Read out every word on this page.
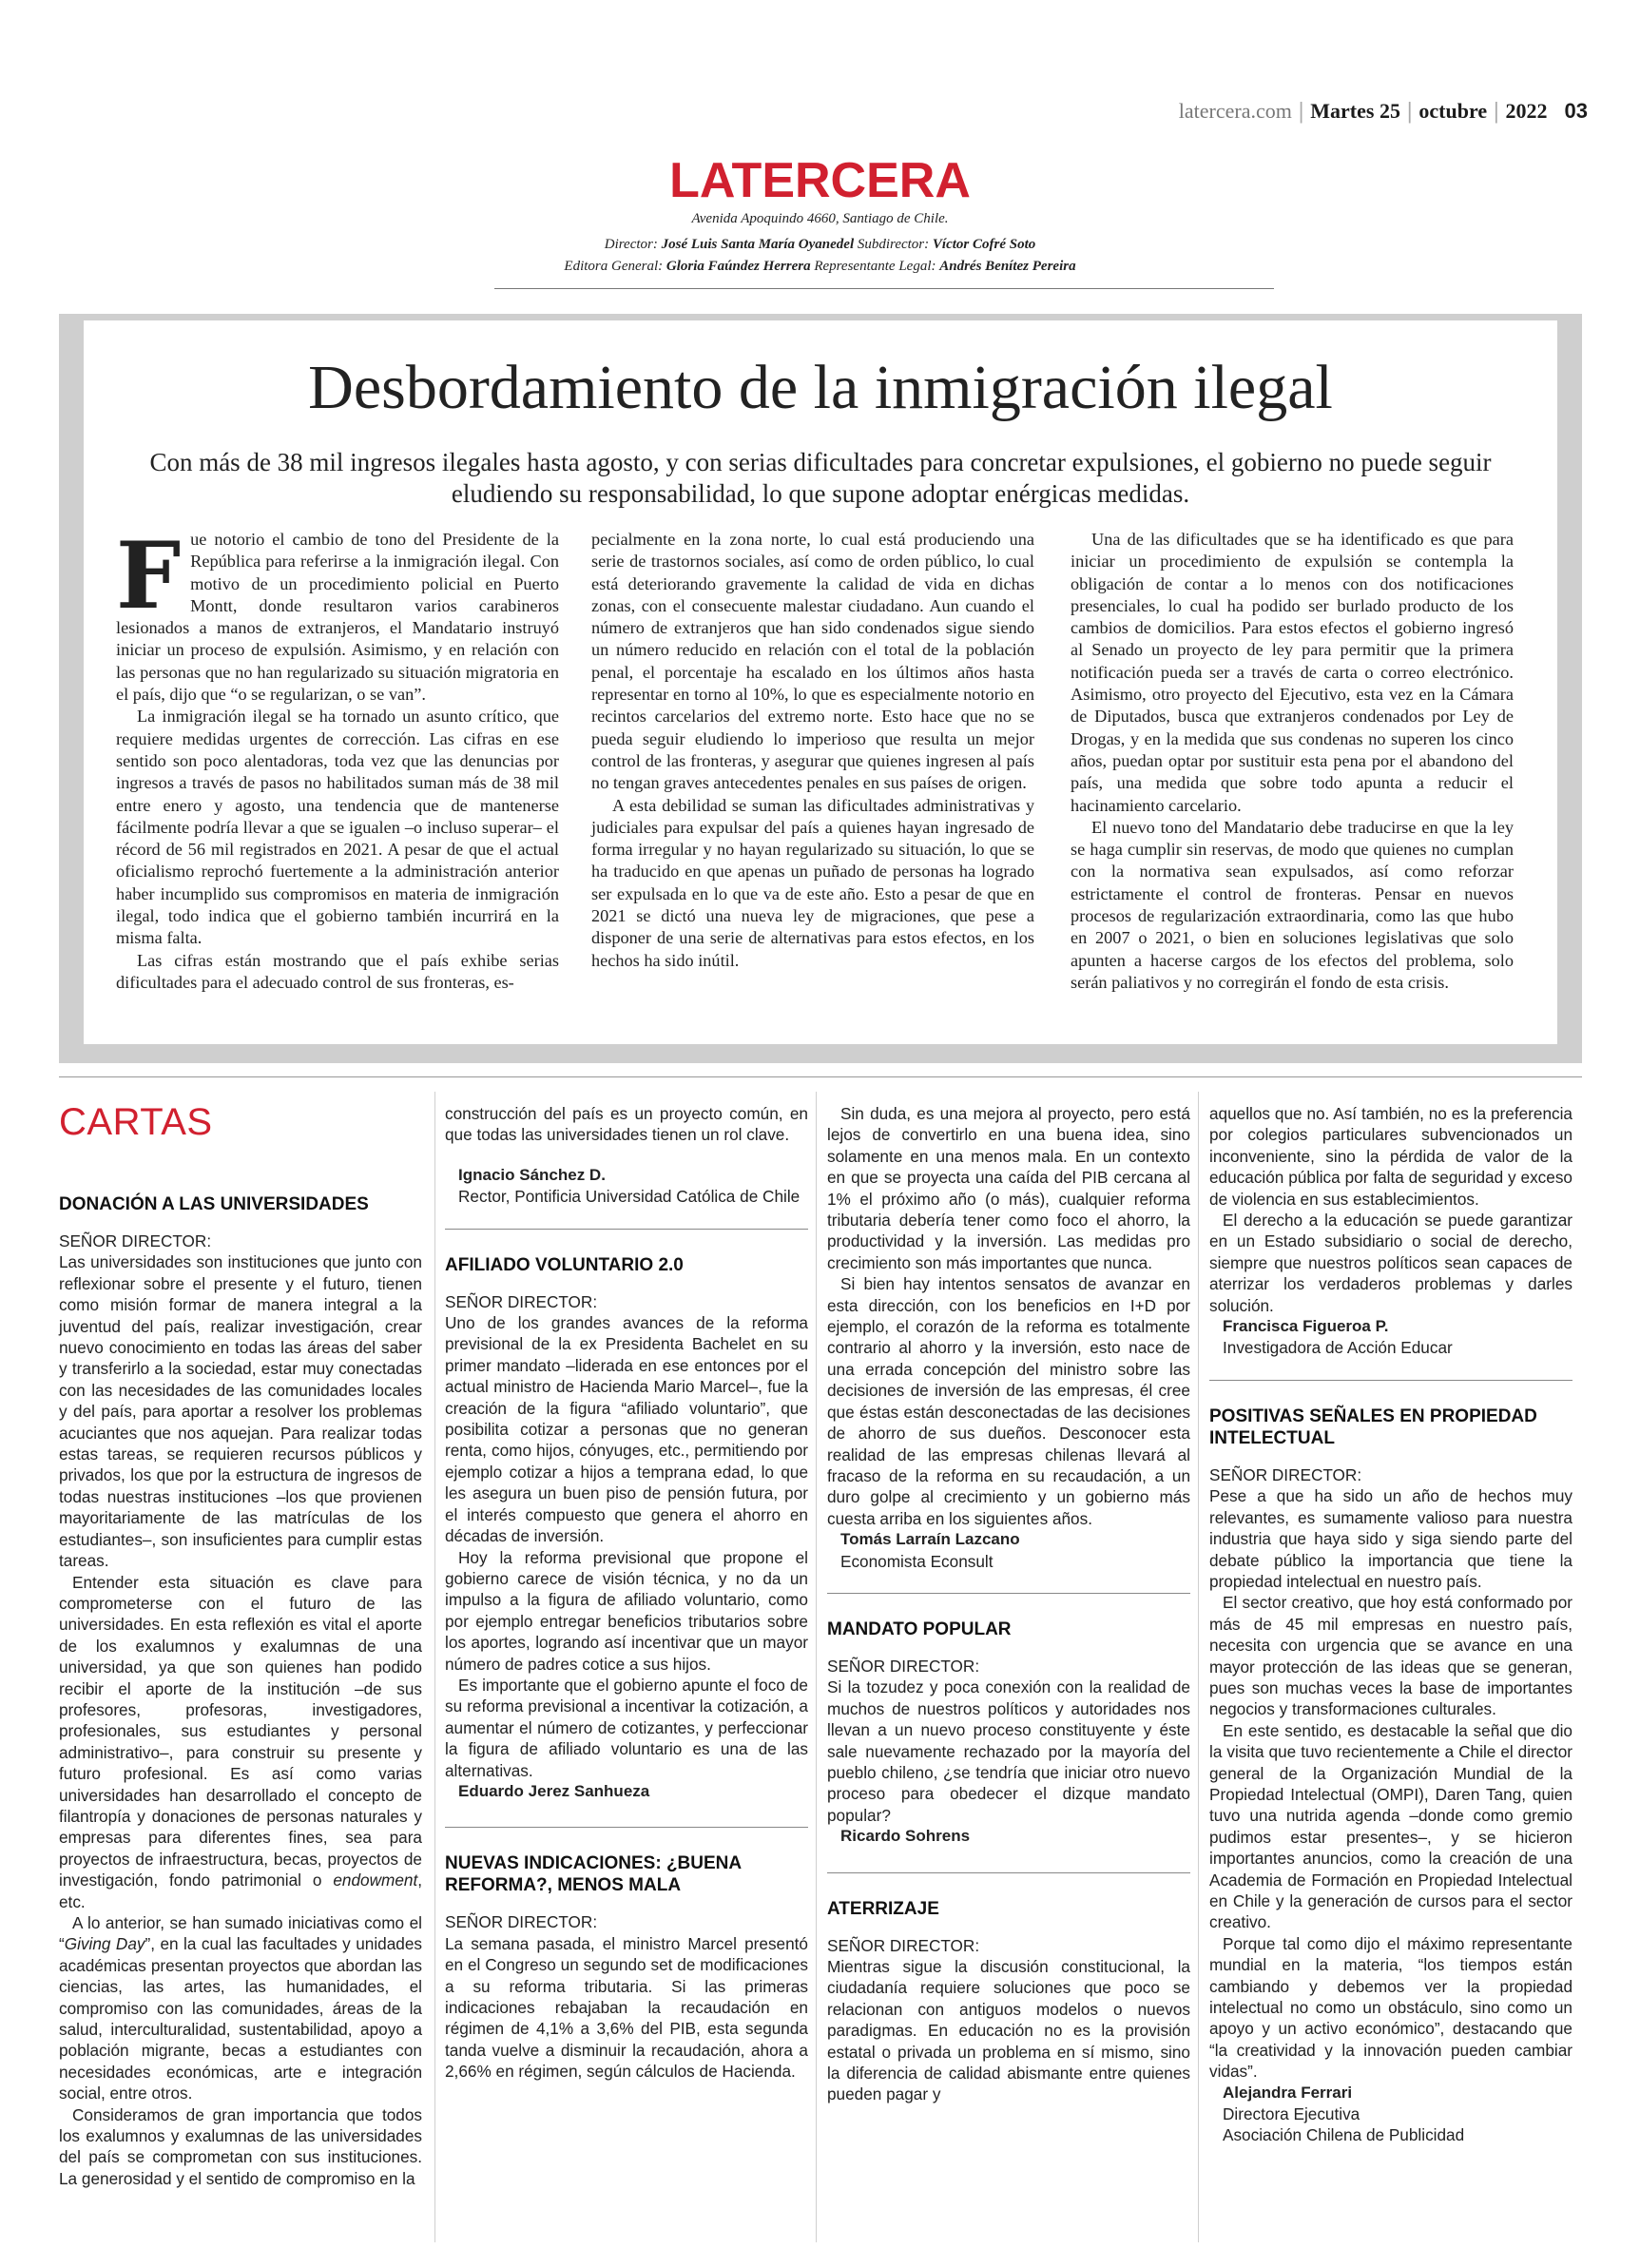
latercera.com | Martes 25 | octubre | 2022 03
LATERCERA
Avenida Apoquindo 4660, Santiago de Chile.
Director: José Luis Santa María Oyanedel Subdirector: Víctor Cofré Soto
Editora General: Gloria Faúndez Herrera Representante Legal: Andrés Benítez Pereira
Desbordamiento de la inmigración ilegal
Con más de 38 mil ingresos ilegales hasta agosto, y con serias dificultades para concretar expulsiones, el gobierno no puede seguir eludiendo su responsabilidad, lo que supone adoptar enérgicas medidas.
F ue notorio el cambio de tono del Presidente de la República para referirse a la inmigración ilegal. Con motivo de un procedimiento policial en Puerto Montt, donde resultaron varios carabineros lesionados a manos de extranjeros, el Mandatario instruyó iniciar un proceso de expulsión. Asimismo, y en relación con las personas que no han regularizado su situación migratoria en el país, dijo que “o se regularizan, o se van”.

La inmigración ilegal se ha tornado un asunto crítico, que requiere medidas urgentes de corrección. Las cifras en ese sentido son poco alentadoras, toda vez que las denuncias por ingresos a través de pasos no habilitados suman más de 38 mil entre enero y agosto, una tendencia que de mantenerse fácilmente podría llevar a que se igualen –o incluso superar– el récord de 56 mil registrados en 2021. A pesar de que el actual oficialismo reprochó fuertemente a la administración anterior haber incumplido sus compromisos en materia de inmigración ilegal, todo indica que el gobierno también incurrirá en la misma falta.

Las cifras están mostrando que el país exhibe serias dificultades para el adecuado control de sus fronteras, es-

pecialmente en la zona norte, lo cual está produciendo una serie de trastornos sociales, así como de orden público, lo cual está deteriorando gravemente la calidad de vida en dichas zonas, con el consecuente malestar ciudadano. Aun cuando el número de extranjeros que han sido condenados sigue siendo un número reducido en relación con el total de la población penal, el porcentaje ha escalado en los últimos años hasta representar en torno al 10%, lo que es especialmente notorio en recintos carcelarios del extremo norte. Esto hace que no se pueda seguir eludiendo lo imperioso que resulta un mejor control de las fronteras, y asegurar que quienes ingresen al país no tengan graves antecedentes penales en sus países de origen.

A esta debilidad se suman las dificultades administrativas y judiciales para expulsar del país a quienes hayan ingresado de forma irregular y no hayan regularizado su situación, lo que se ha traducido en que apenas un puñado de personas ha logrado ser expulsada en lo que va de este año. Esto a pesar de que en 2021 se dictó una nueva ley de migraciones, que pese a disponer de una serie de alternativas para estos efectos, en los hechos ha sido inútil.

Una de las dificultades que se ha identificado es que para iniciar un procedimiento de expulsión se contempla la obligación de contar a lo menos con dos notificaciones presenciales, lo cual ha podido ser burlado producto de los cambios de domicilios. Para estos efectos el gobierno ingresó al Senado un proyecto de ley para permitir que la primera notificación pueda ser a través de carta o correo electrónico. Asimismo, otro proyecto del Ejecutivo, esta vez en la Cámara de Diputados, busca que extranjeros condenados por Ley de Drogas, y en la medida que sus condenas no superen los cinco años, puedan optar por sustituir esta pena por el abandono del país, una medida que sobre todo apunta a reducir el hacinamiento carcelario.

El nuevo tono del Mandatario debe traducirse en que la ley se haga cumplir sin reservas, de modo que quienes no cumplan con la normativa sean expulsados, así como reforzar estrictamente el control de fronteras. Pensar en nuevos procesos de regularización extraordinaria, como las que hubo en 2007 o 2021, o bien en soluciones legislativas que solo apunten a hacerse cargos de los efectos del problema, solo serán paliativos y no corregirán el fondo de esta crisis.

CARTAS
DONACIÓN A LAS UNIVERSIDADES

SEÑOR DIRECTOR:

Las universidades son instituciones que junto con reflexionar sobre el presente y el futuro, tienen como misión formar de manera integral a la juventud del país, realizar investigación, crear nuevo conocimiento en todas las áreas del saber y transferirlo a la sociedad, estar muy conectadas con las necesidades de las comunidades locales y del país, para aportar a resolver los problemas acuciantes que nos aquejan. Para realizar todas estas tareas, se requieren recursos públicos y privados, los que por la estructura de ingresos de todas nuestras instituciones –los que provienen mayoritariamente de las matrículas de los estudiantes–, son insuficientes para cumplir estas tareas.

Entender esta situación es clave para comprometerse con el futuro de las universidades. En esta reflexión es vital el aporte de los exalumnos y exalumnas de una universidad, ya que son quienes han podido recibir el aporte de la institución –de sus profesores, profesoras, investigadores, profesionales, sus estudiantes y personal administrativo–, para construir su presente y futuro profesional. Es así como varias universidades han desarrollado el concepto de filantropía y donaciones de personas naturales y empresas para diferentes fines, sea para proyectos de infraestructura, becas, proyectos de investigación, fondo patrimonial o endowment, etc.

A lo anterior, se han sumado iniciativas como el “Giving Day”, en la cual las facultades y unidades académicas presentan proyectos que abordan las ciencias, las artes, las humanidades, el compromiso con las comunidades, áreas de la salud, interculturalidad, sustentabilidad, apoyo a población migrante, becas a estudiantes con necesidades económicas, arte e integración social, entre otros.

Consideramos de gran importancia que todos los exalumnos y exalumnas de las universidades del país se comprometan con sus instituciones. La generosidad y el sentido de compromiso en la

construcción del país es un proyecto común, en que todas las universidades tienen un rol clave.

Ignacio Sánchez D.

Rector, Pontificia Universidad Católica de Chile

AFILIADO VOLUNTARIO 2.0

SEÑOR DIRECTOR:

Uno de los grandes avances de la reforma previsional de la ex Presidenta Bachelet en su primer mandato –liderada en ese entonces por el actual ministro de Hacienda Mario Marcel–, fue la creación de la figura “afiliado voluntario”, que posibilita cotizar a personas que no generan renta, como hijos, cónyuges, etc., permitiendo por ejemplo cotizar a hijos a temprana edad, lo que les asegura un buen piso de pensión futura, por el interés compuesto que genera el ahorro en décadas de inversión.

Hoy la reforma previsional que propone el gobierno carece de visión técnica, y no da un impulso a la figura de afiliado voluntario, como por ejemplo entregar beneficios tributarios sobre los aportes, logrando así incentivar que un mayor número de padres cotice a sus hijos.

Es importante que el gobierno apunte el foco de su reforma previsional a incentivar la cotización, a aumentar el número de cotizantes, y perfeccionar la figura de afiliado voluntario es una de las alternativas.

Eduardo Jerez Sanhueza

NUEVAS INDICACIONES: ¿BUENA REFORMA?, MENOS MALA

SEÑOR DIRECTOR:

La semana pasada, el ministro Marcel presentó en el Congreso un segundo set de modificaciones a su reforma tributaria. Si las primeras indicaciones rebajaban la recaudación en régimen de 4,1% a 3,6% del PIB, esta segunda tanda vuelve a disminuir la recaudación, ahora a 2,66% en régimen, según cálculos de Hacienda.

Sin duda, es una mejora al proyecto, pero está lejos de convertirlo en una buena idea, sino solamente en una menos mala. En un contexto en que se proyecta una caída del PIB cercana al 1% el próximo año (o más), cualquier reforma tributaria debería tener como foco el ahorro, la productividad y la inversión. Las medidas pro crecimiento son más importantes que nunca.

Si bien hay intentos sensatos de avanzar en esta dirección, con los beneficios en I+D por ejemplo, el corazón de la reforma es totalmente contrario al ahorro y la inversión, esto nace de una errada concepción del ministro sobre las decisiones de inversión de las empresas, él cree que éstas están desconectadas de las decisiones de ahorro de sus dueños. Desconocer esta realidad de las empresas chilenas llevará al fracaso de la reforma en su recaudación, a un duro golpe al crecimiento y un gobierno más cuesta arriba en los siguientes años.

Tomás Larraín Lazcano

Economista Econsult

MANDATO POPULAR

SEÑOR DIRECTOR:

Si la tozudez y poca conexión con la realidad de muchos de nuestros políticos y autoridades nos llevan a un nuevo proceso constituyente y éste sale nuevamente rechazado por la mayoría del pueblo chileno, ¿se tendría que iniciar otro nuevo proceso para obedecer el dizque mandato popular?

Ricardo Sohrens

ATERRIZAJE

SEÑOR DIRECTOR:

Mientras sigue la discusión constitucional, la ciudadanía requiere soluciones que poco se relacionan con antiguos modelos o nuevos paradigmas. En educación no es la provisión estatal o privada un problema en sí mismo, sino la diferencia de calidad abismante entre quienes pueden pagar y

aquellos que no. Así también, no es la preferencia por colegios particulares subvencionados un inconveniente, sino la pérdida de valor de la educación pública por falta de seguridad y exceso de violencia en sus establecimientos.

El derecho a la educación se puede garantizar en un Estado subsidiario o social de derecho, siempre que nuestros políticos sean capaces de aterrizar los verdaderos problemas y darles solución.

Francisca Figueroa P.

Investigadora de Acción Educar

POSITIVAS SEÑALES EN PROPIEDAD INTELECTUAL

SEÑOR DIRECTOR:

Pese a que ha sido un año de hechos muy relevantes, es sumamente valioso para nuestra industria que haya sido y siga siendo parte del debate público la importancia que tiene la propiedad intelectual en nuestro país.

El sector creativo, que hoy está conformado por más de 45 mil empresas en nuestro país, necesita con urgencia que se avance en una mayor protección de las ideas que se generan, pues son muchas veces la base de importantes negocios y transformaciones culturales.

En este sentido, es destacable la señal que dio la visita que tuvo recientemente a Chile el director general de la Organización Mundial de la Propiedad Intelectual (OMPI), Daren Tang, quien tuvo una nutrida agenda –donde como gremio pudimos estar presentes–, y se hicieron importantes anuncios, como la creación de una Academia de Formación en Propiedad Intelectual en Chile y la generación de cursos para el sector creativo.

Porque tal como dijo el máximo representante mundial en la materia, “los tiempos están cambiando y debemos ver la propiedad intelectual no como un obstáculo, sino como un apoyo y un activo económico”, destacando que “la creatividad y la innovación pueden cambiar vidas”.

Alejandra Ferrari

Directora Ejecutiva

Asociación Chilena de Publicidad
